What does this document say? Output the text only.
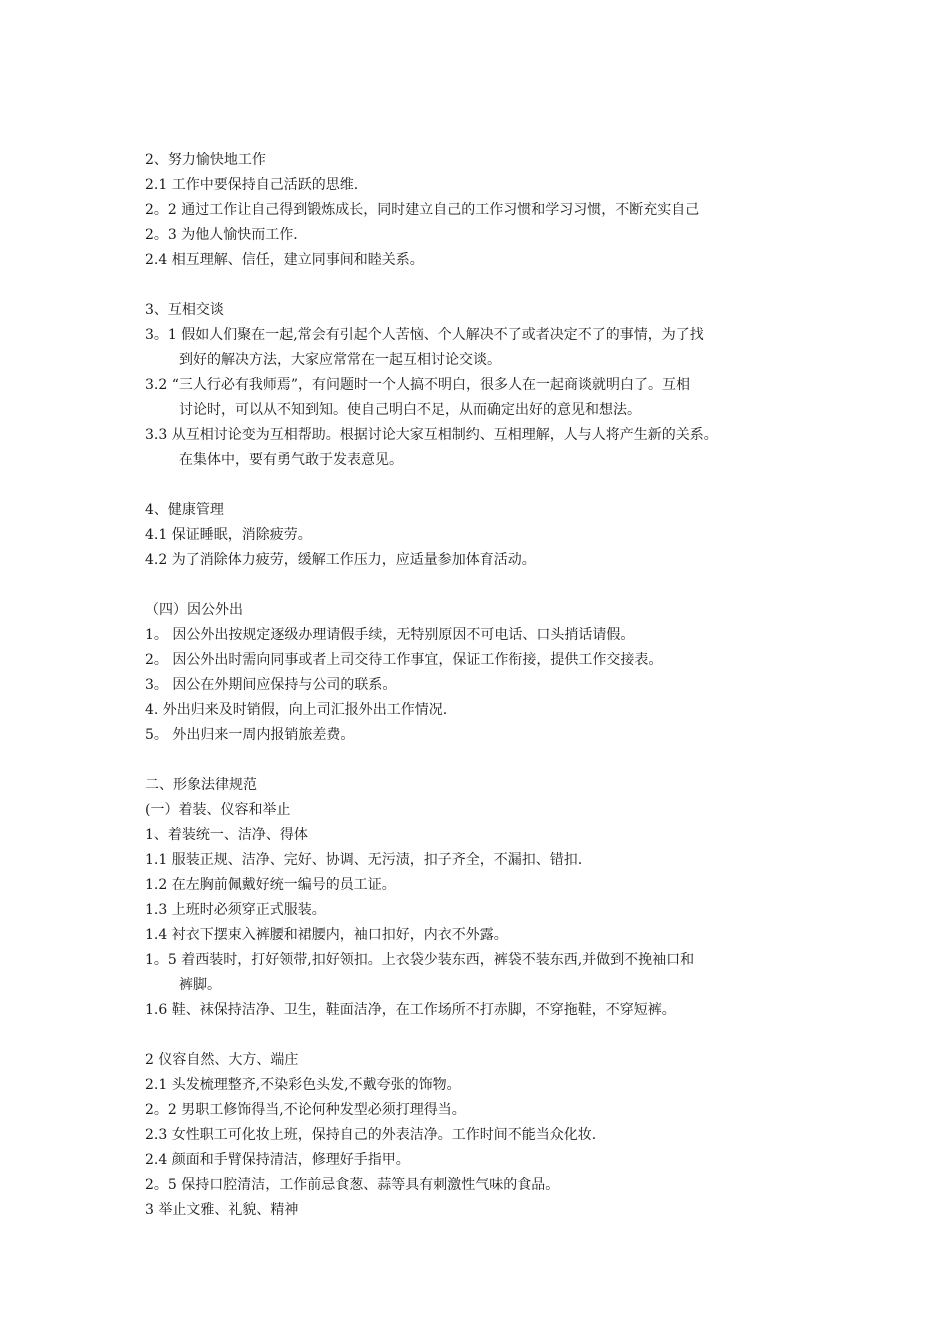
2、努力愉快地工作
2.1 工作中要保持自己活跃的思维.
2。2 通过工作让自己得到锻炼成长，同时建立自己的工作习惯和学习习惯，不断充实自己
2。3 为他人愉快而工作.
2.4 相互理解、信任，建立同事间和睦关系。
3、互相交谈
3。1 假如人们聚在一起,常会有引起个人苦恼、个人解决不了或者决定不了的事情，为了找
到好的解决方法，大家应常常在一起互相讨论交谈。
3.2 “三人行必有我师焉”，有问题时一个人搞不明白，很多人在一起商谈就明白了。互相
讨论时，可以从不知到知。使自己明白不足，从而确定出好的意见和想法。
3.3 从互相讨论变为互相帮助。根据讨论大家互相制约、互相理解，人与人将产生新的关系。
在集体中，要有勇气敢于发表意见。
4、健康管理
4.1 保证睡眠，消除疲劳。
4.2 为了消除体力疲劳，缓解工作压力，应适量参加体育活动。
（四）因公外出
1。 因公外出按规定逐级办理请假手续，无特别原因不可电话、口头捎话请假。
2。 因公外出时需向同事或者上司交待工作事宜，保证工作衔接，提供工作交接表。
3。 因公在外期间应保持与公司的联系。
4. 外出归来及时销假，向上司汇报外出工作情况.
5。 外出归来一周内报销旅差费。
二、形象法律规范
(一）着装、仪容和举止
1、着装统一、洁净、得体
1.1 服装正规、洁净、完好、协调、无污渍，扣子齐全，不漏扣、错扣.
1.2 在左胸前佩戴好统一编号的员工证。
1.3 上班时必须穿正式服装。
1.4 衬衣下摆束入裤腰和裙腰内，袖口扣好，内衣不外露。
1。5 着西装时，打好领带,扣好领扣。上衣袋少装东西，裤袋不装东西,并做到不挽袖口和
裤脚。
1.6 鞋、袜保持洁净、卫生，鞋面洁净，在工作场所不打赤脚，不穿拖鞋，不穿短裤。
2 仪容自然、大方、端庄
2.1 头发梳理整齐,不染彩色头发,不戴夸张的饰物。
2。2 男职工修饰得当,不论何种发型必须打理得当。
2.3 女性职工可化妆上班，保持自己的外表洁净。工作时间不能当众化妆.
2.4 颜面和手臂保持清洁，修理好手指甲。
2。5 保持口腔清洁，工作前忌食葱、蒜等具有刺激性气味的食品。
3 举止文雅、礼貌、精神
